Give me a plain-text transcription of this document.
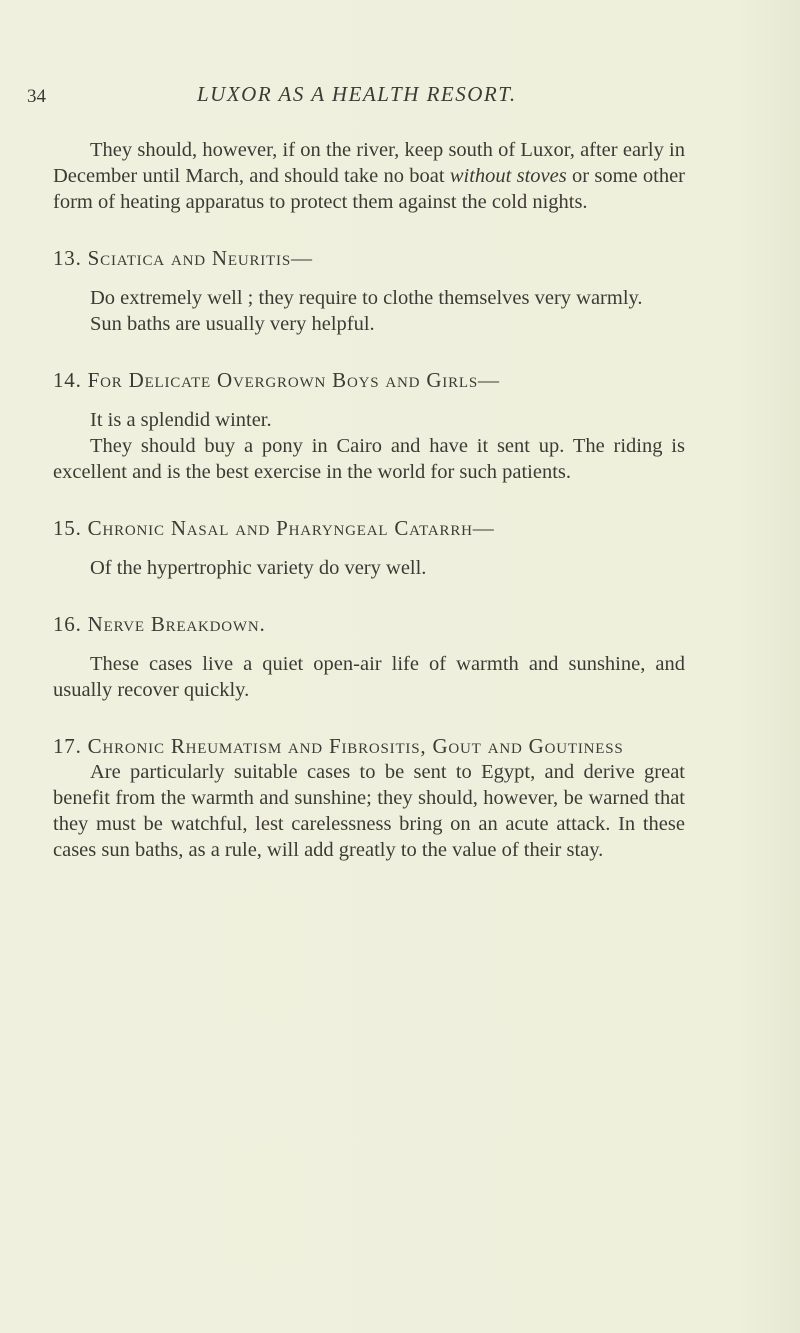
34	LUXOR AS A HEALTH RESORT.

They should, however, if on the river, keep south of Luxor, after early in December until March, and should take no boat without stoves or some other form of heating apparatus to protect them against the cold nights.

13. Sciatica and Neuritis—

Do extremely well ; they require to clothe themselves very warmly.

Sun baths are usually very helpful.

14. For Delicate Overgrown Boys and Girls—

It is a splendid winter.

They should buy a pony in Cairo and have it sent up. The riding is excellent and is the best exercise in the world for such patients.

15. Chronic Nasal and Pharyngeal Catarrh—

Of the hypertrophic variety do very well.

16. Nerve Breakdown.

These cases live a quiet open-air life of warmth and sunshine, and usually recover quickly.

17. Chronic Rheumatism and Fibrositis, Gout and Goutiness

Are particularly suitable cases to be sent to Egypt, and derive great benefit from the warmth and sunshine; they should, however, be warned that they must be watchful, lest carelessness bring on an acute attack. In these cases sun baths, as a rule, will add greatly to the value of their stay.
